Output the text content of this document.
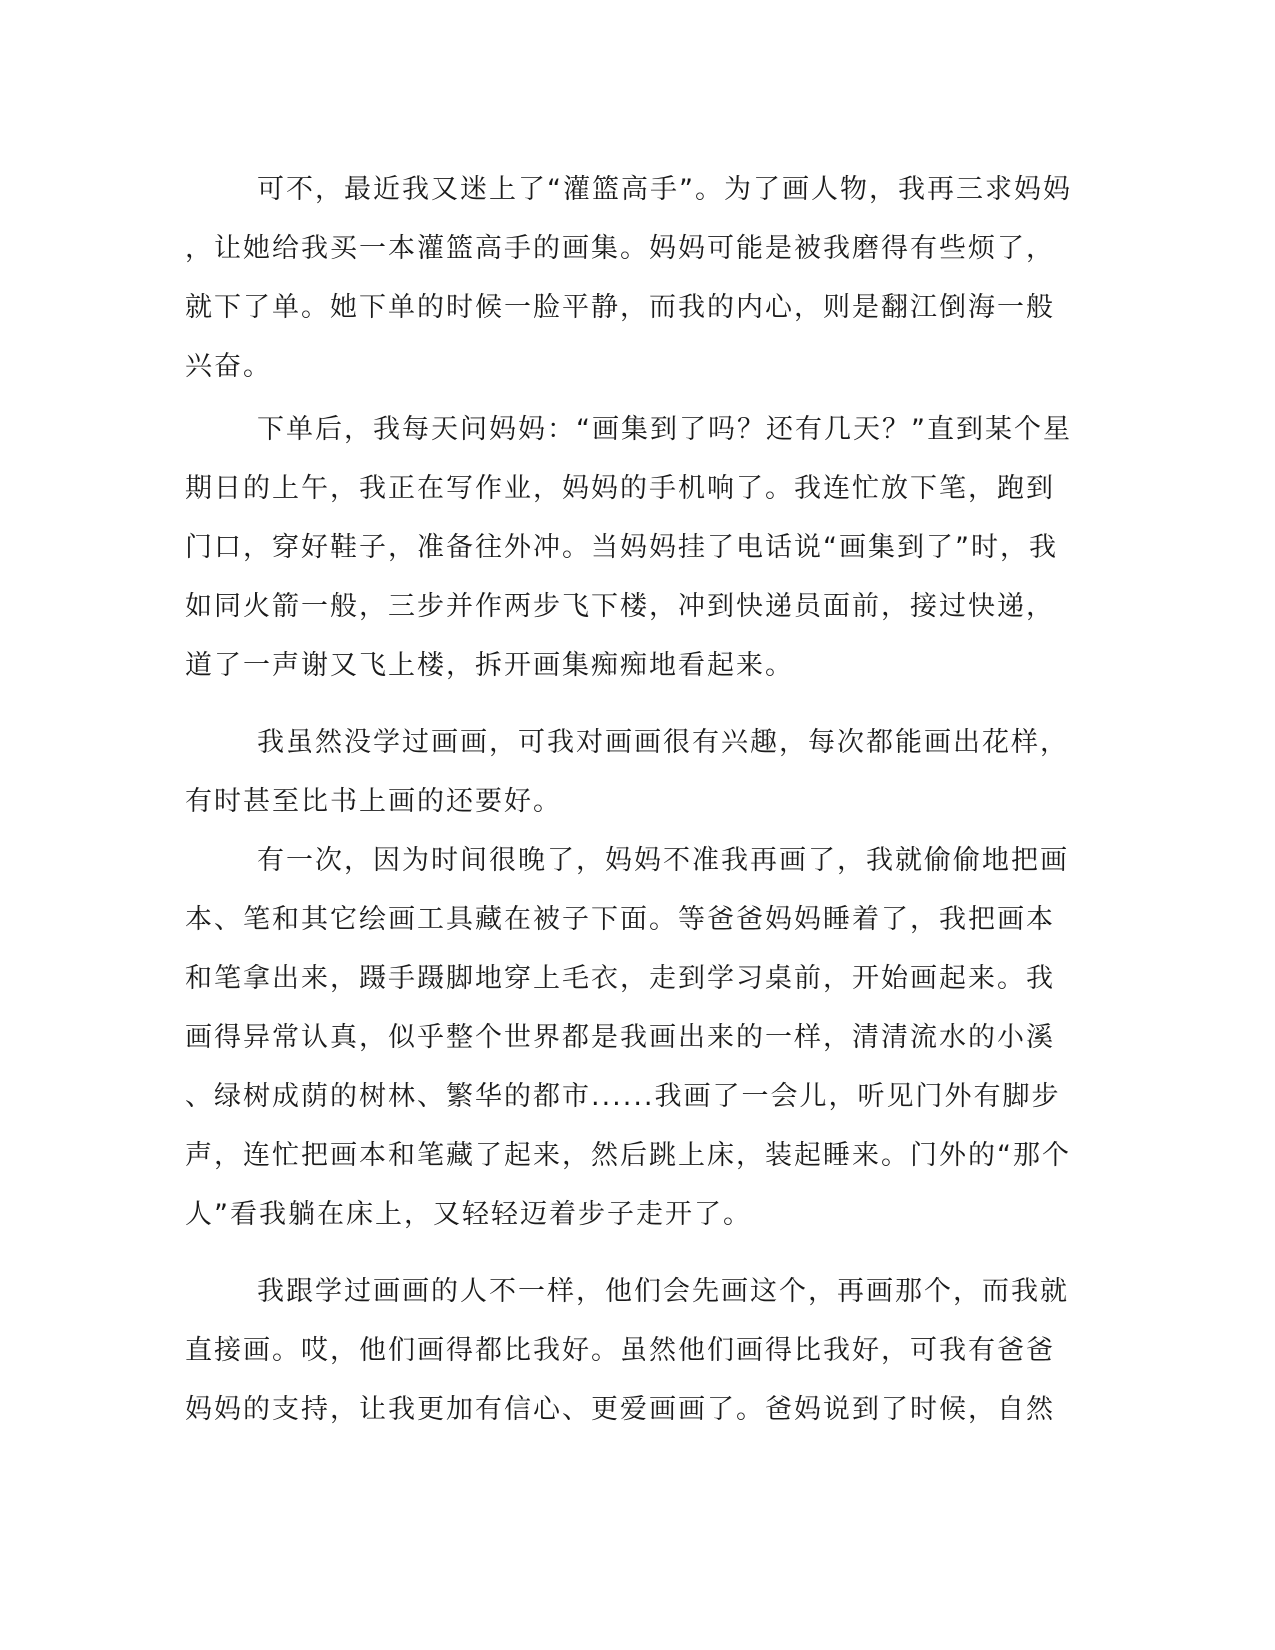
可不，最近我又迷上了“灌篮高手”。为了画人物，我再三求妈妈
，让她给我买一本灌篮高手的画集。妈妈可能是被我磨得有些烦了，
就下了单。她下单的时候一脸平静，而我的内心，则是翻江倒海一般
兴奋。

下单后，我每天问妈妈：“画集到了吗？还有几天？”直到某个星
期日的上午，我正在写作业，妈妈的手机响了。我连忙放下笔，跑到
门口，穿好鞋子，准备往外冲。当妈妈挂了电话说“画集到了”时，我
如同火箭一般，三步并作两步飞下楼，冲到快递员面前，接过快递，
道了一声谢又飞上楼，拆开画集痴痴地看起来。

我虽然没学过画画，可我对画画很有兴趣，每次都能画出花样，
有时甚至比书上画的还要好。

有一次，因为时间很晚了，妈妈不准我再画了，我就偷偷地把画
本、笔和其它绘画工具藏在被子下面。等爸爸妈妈睡着了，我把画本
和笔拿出来，蹑手蹑脚地穿上毛衣，走到学习桌前，开始画起来。我
画得异常认真，似乎整个世界都是我画出来的一样，清清流水的小溪
、绿树成荫的树林、繁华的都市......我画了一会儿，听见门外有脚步
声，连忙把画本和笔藏了起来，然后跳上床，装起睡来。门外的“那个
人”看我躺在床上，又轻轻迈着步子走开了。

我跟学过画画的人不一样，他们会先画这个，再画那个，而我就
直接画。哎，他们画得都比我好。虽然他们画得比我好，可我有爸爸
妈妈的支持，让我更加有信心、更爱画画了。爸妈说到了时候，自然
